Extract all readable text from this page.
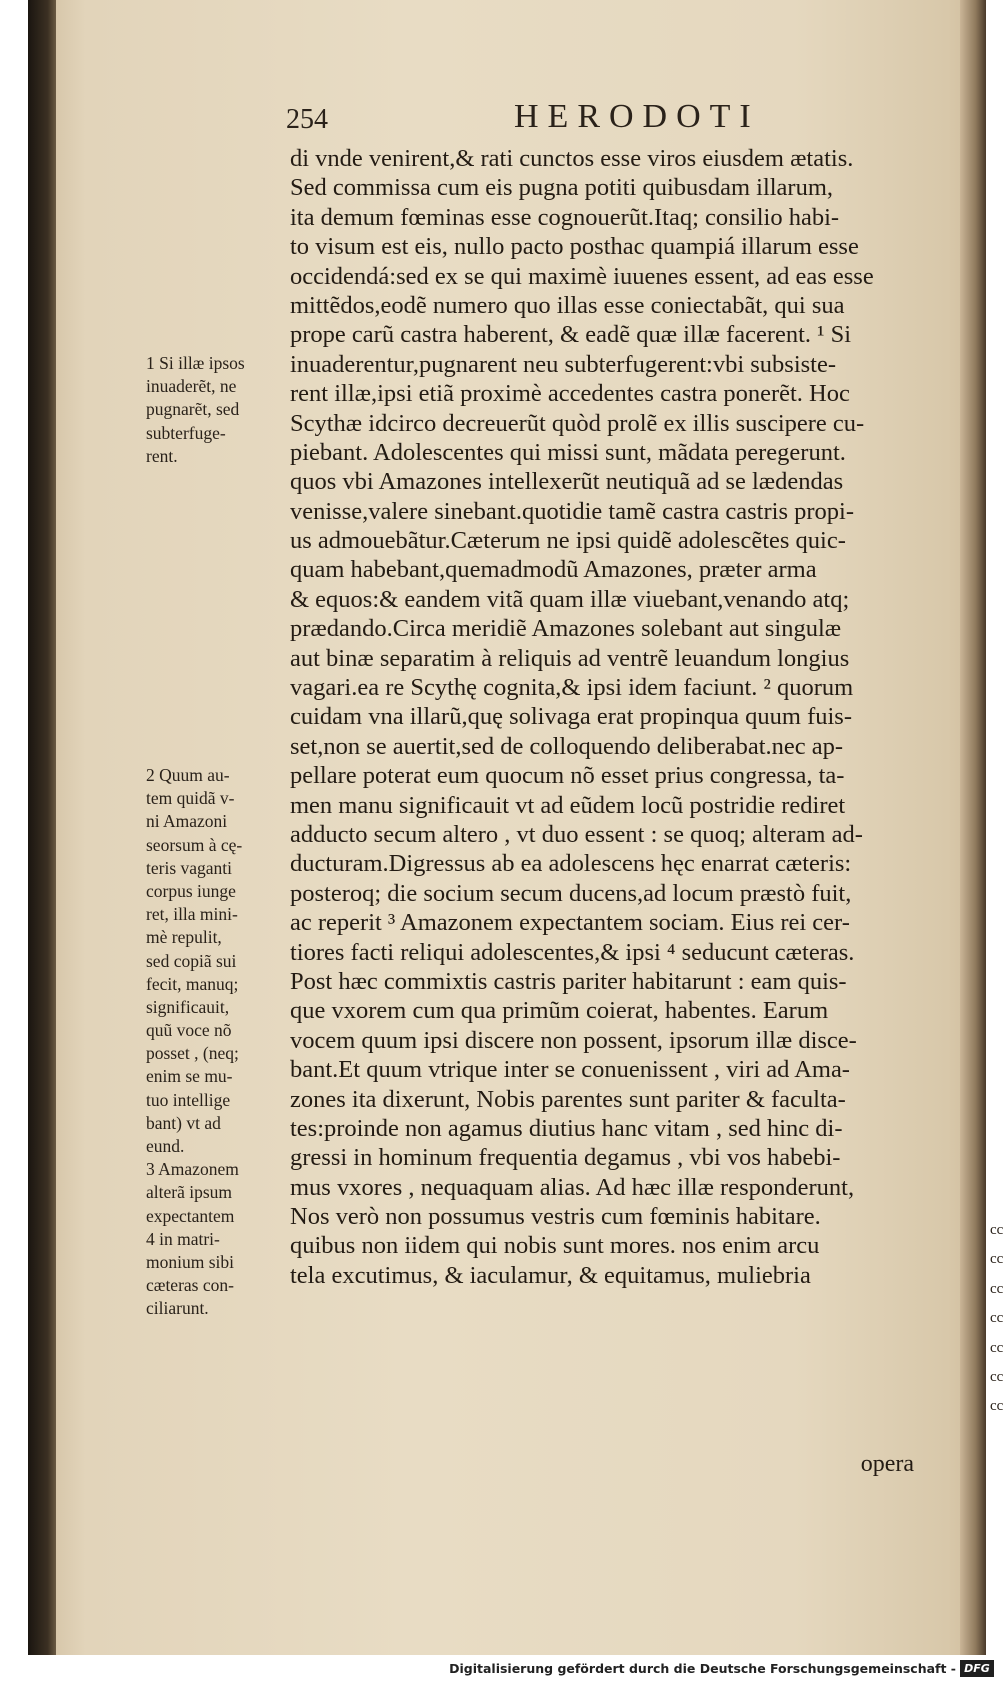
254	HERODOTI
1 Si illæ ipsos
inuaderẽt, ne
pugnarẽt, sed
subterfuge-
rent.
2 Quum au-
tem quidã v-
ni Amazoni
seorsum à cę-
teris vaganti
corpus iunge
ret, illa mini-
mè repulit,
sed copiã sui
fecit, manuq;
significauit,
quũ voce nõ
posset , (neq;
enim se mu-
tuo intellige
bant) vt ad
eund.
3 Amazonem
alterã ipsum
expectantem
4 in matri-
monium sibi
cæteras con-
ciliarunt.
di vnde venirent,& rati cunctos esse viros eiusdem ætatis.
Sed commissa cum eis pugna potiti quibusdam illarum,
ita demum fœminas esse cognouerũt.Itaq; consilio habi-
to visum est eis, nullo pacto posthac quampiá illarum esse
occidendá:sed ex se qui maximè iuuenes essent, ad eas esse
mittẽdos,eodẽ numero quo illas esse coniectabãt, qui sua
prope carũ castra haberent, & eadẽ quæ illæ facerent. ¹ Si
inuaderentur,pugnarent neu subterfugerent:vbi subsiste-
rent illæ,ipsi etiã proximè accedentes castra ponerẽt. Hoc
Scythæ idcirco decreuerũt quòd prolẽ ex illis suscipere cu-
piebant. Adolescentes qui missi sunt, mãdata peregerunt.
quos vbi Amazones intellexerũt neutiquã ad se lædendas
venisse,valere sinebant.quotidie tamẽ castra castris propi-
us admouebãtur.Cæterum ne ipsi quidẽ adolescẽtes quic-
quam habebant,quemadmodũ Amazones, præter arma
& equos:& eandem vitã quam illæ viuebant,venando atq;
prædando.Circa meridiẽ Amazones solebant aut singulæ
aut binæ separatim à reliquis ad ventrẽ leuandum longius
vagari.ea re Scythę cognita,& ipsi idem faciunt. ² quorum
cuidam vna illarũ,quę solivaga erat propinqua quum fuis-
set,non se auertit,sed de colloquendo deliberabat.nec ap-
pellare poterat eum quocum nõ esset prius congressa, ta-
men manu significauit vt ad eũdem locũ postridie rediret
adducto secum altero , vt duo essent : se quoq; alteram ad-
ducturam.Digressus ab ea adolescens hęc enarrat cæteris:
posteroq; die socium secum ducens,ad locum præstò fuit,
ac reperit ³ Amazonem expectantem sociam. Eius rei cer-
tiores facti reliqui adolescentes,& ipsi ⁴ seducunt cæteras.
Post hæc commixtis castris pariter habitarunt : eam quis-
que vxorem cum qua primũm coierat, habentes. Earum
vocem quum ipsi discere non possent, ipsorum illæ disce-
bant.Et quum vtrique inter se conuenissent , viri ad Ama-
zones ita dixerunt, Nobis parentes sunt pariter & faculta-
tes:proinde non agamus diutius hanc vitam , sed hinc di-
gressi in hominum frequentia degamus , vbi vos habebi-
mus vxores , nequaquam alias. Ad hæc illæ responderunt,
Nos verò non possumus vestris cum fœminis habitare.
quibus non iidem qui nobis sunt mores. nos enim arcu
tela excutimus, & iaculamur, & equitamus, muliebria
opera
cc
cc
cc
cc
cc
cc
cc
Digitalisierung gefördert durch die Deutsche Forschungsgemeinschaft - DFG
